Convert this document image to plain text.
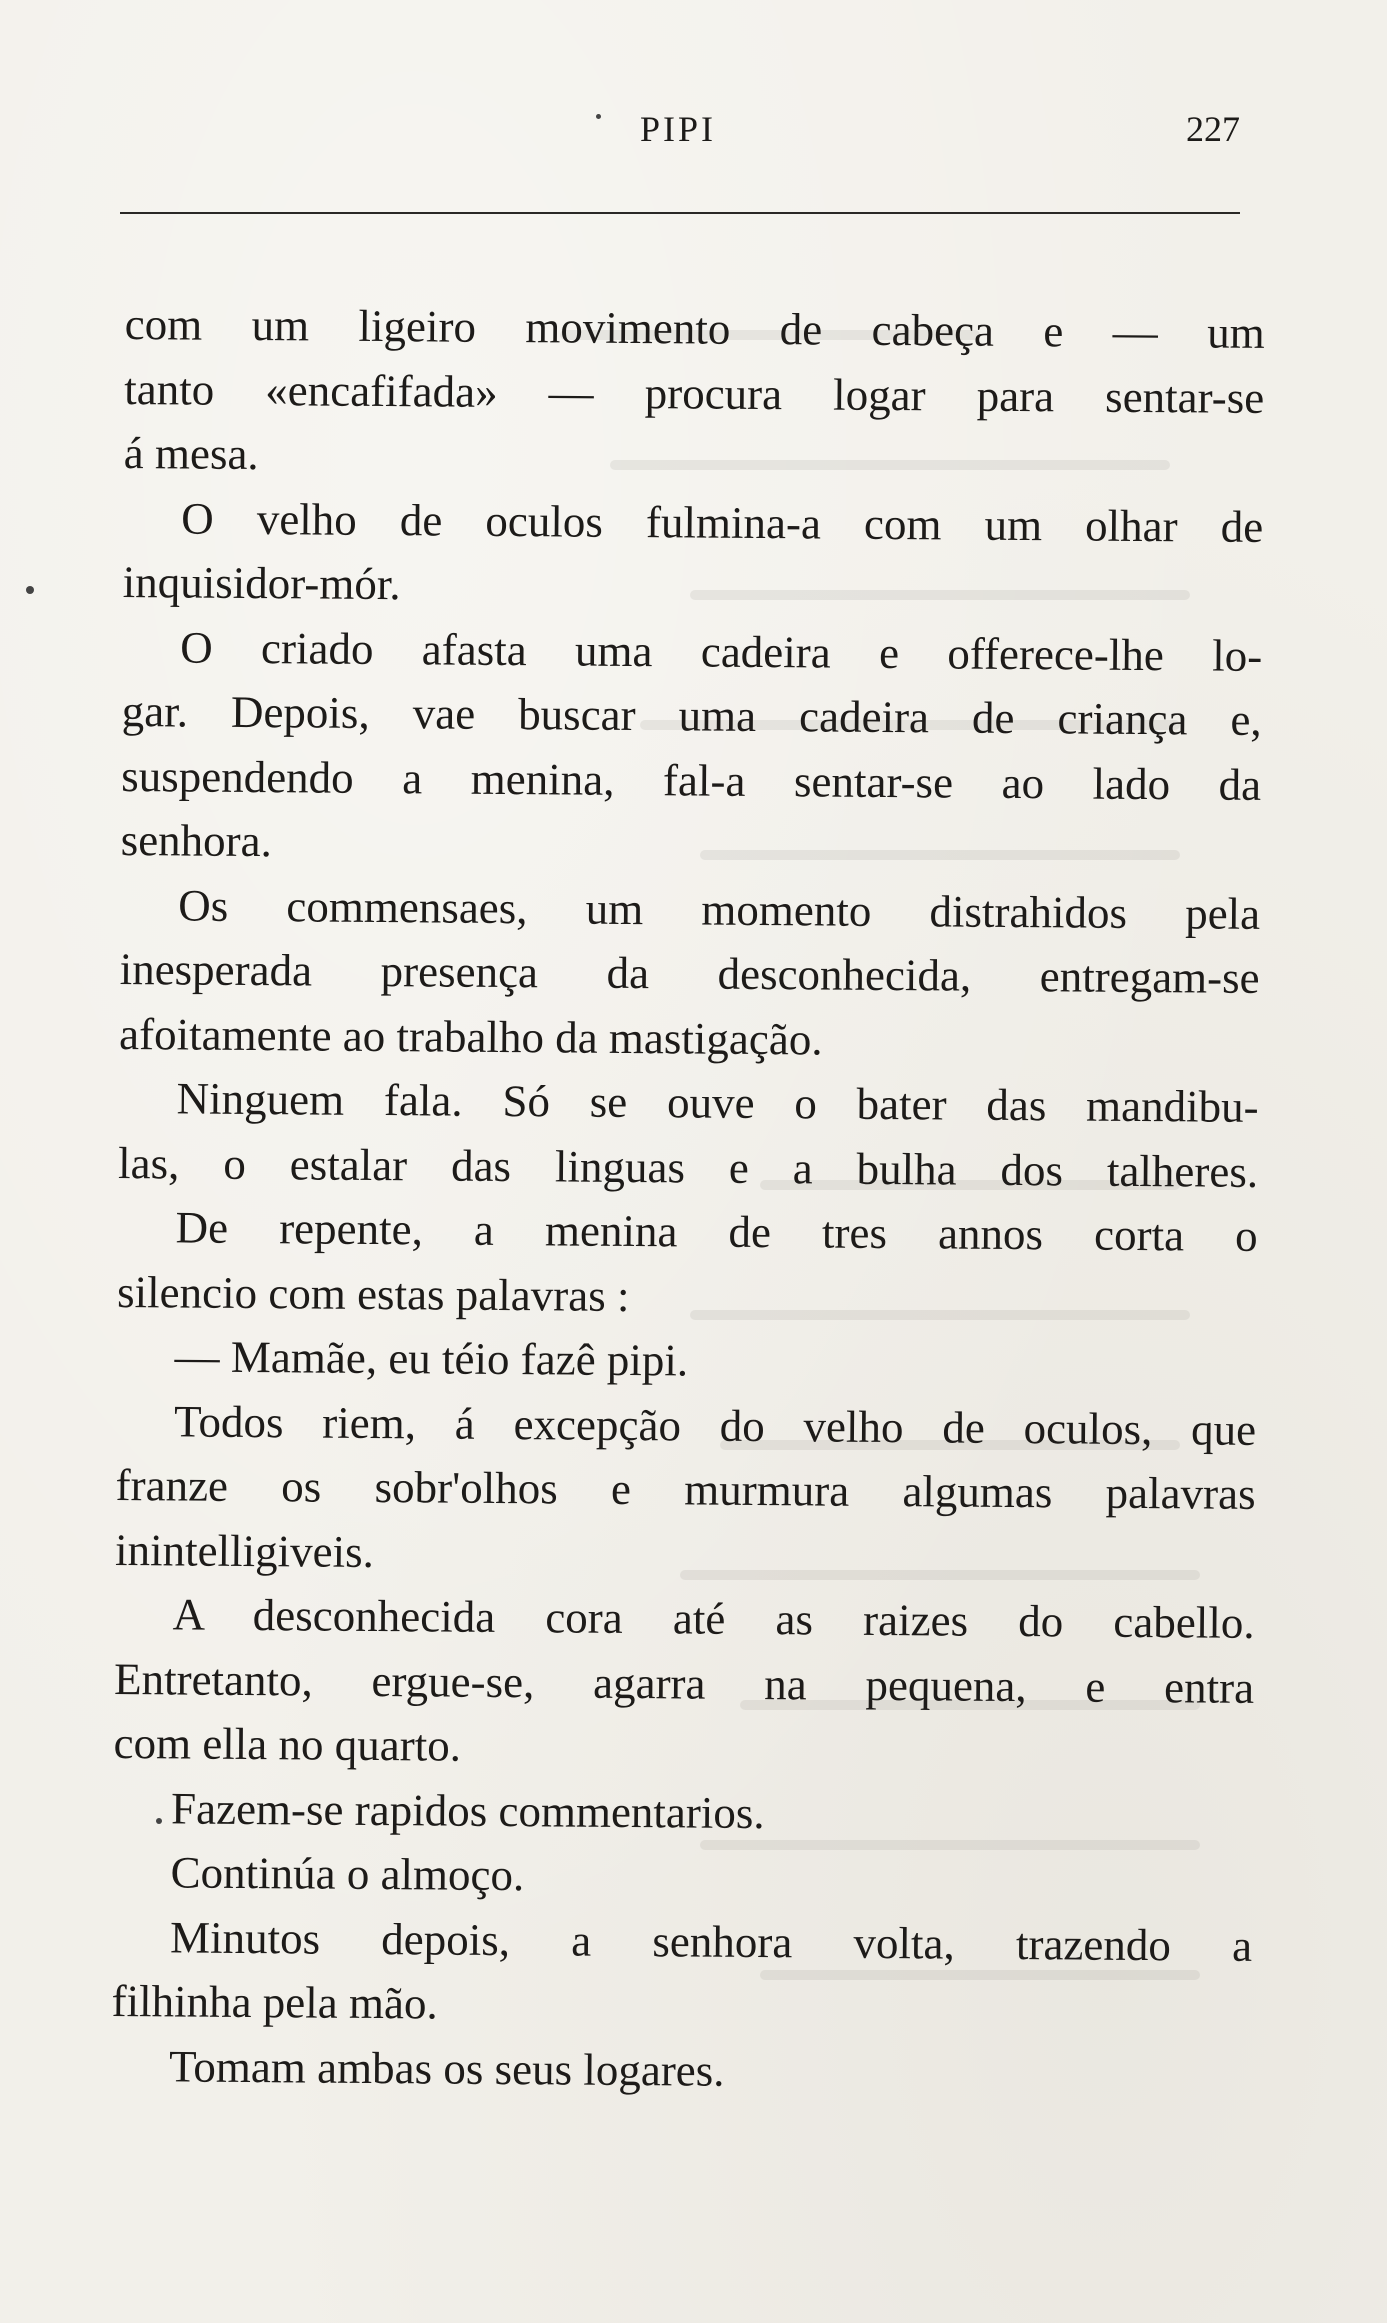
PIPI	227
com um ligeiro movimento de cabeça e — um
tanto «encafifada» — procura logar para sentar-se
á mesa.
O velho de oculos fulmina-a com um olhar de
inquisidor-mór.
O criado afasta uma cadeira e offerece-lhe lo-
gar. Depois, vae buscar uma cadeira de criança e,
suspendendo a menina, fal-a sentar-se ao lado da
senhora.
Os commensaes, um momento distrahidos pela
inesperada presença da desconhecida, entregam-se
afoitamente ao trabalho da mastigação.
Ninguem fala. Só se ouve o bater das mandibu-
las, o estalar das linguas e a bulha dos talheres.
De repente, a menina de tres annos corta o
silencio com estas palavras :
— Mamãe, eu téio fazê pipi.
Todos riem, á excepção do velho de oculos, que
franze os sobr'olhos e murmura algumas palavras
inintelligiveis.
A desconhecida cora até as raizes do cabello.
Entretanto, ergue-se, agarra na pequena, e entra
com ella no quarto.
Fazem-se rapidos commentarios.
Continúa o almoço.
Minutos depois, a senhora volta, trazendo a
filhinha pela mão.
Tomam ambas os seus logares.
